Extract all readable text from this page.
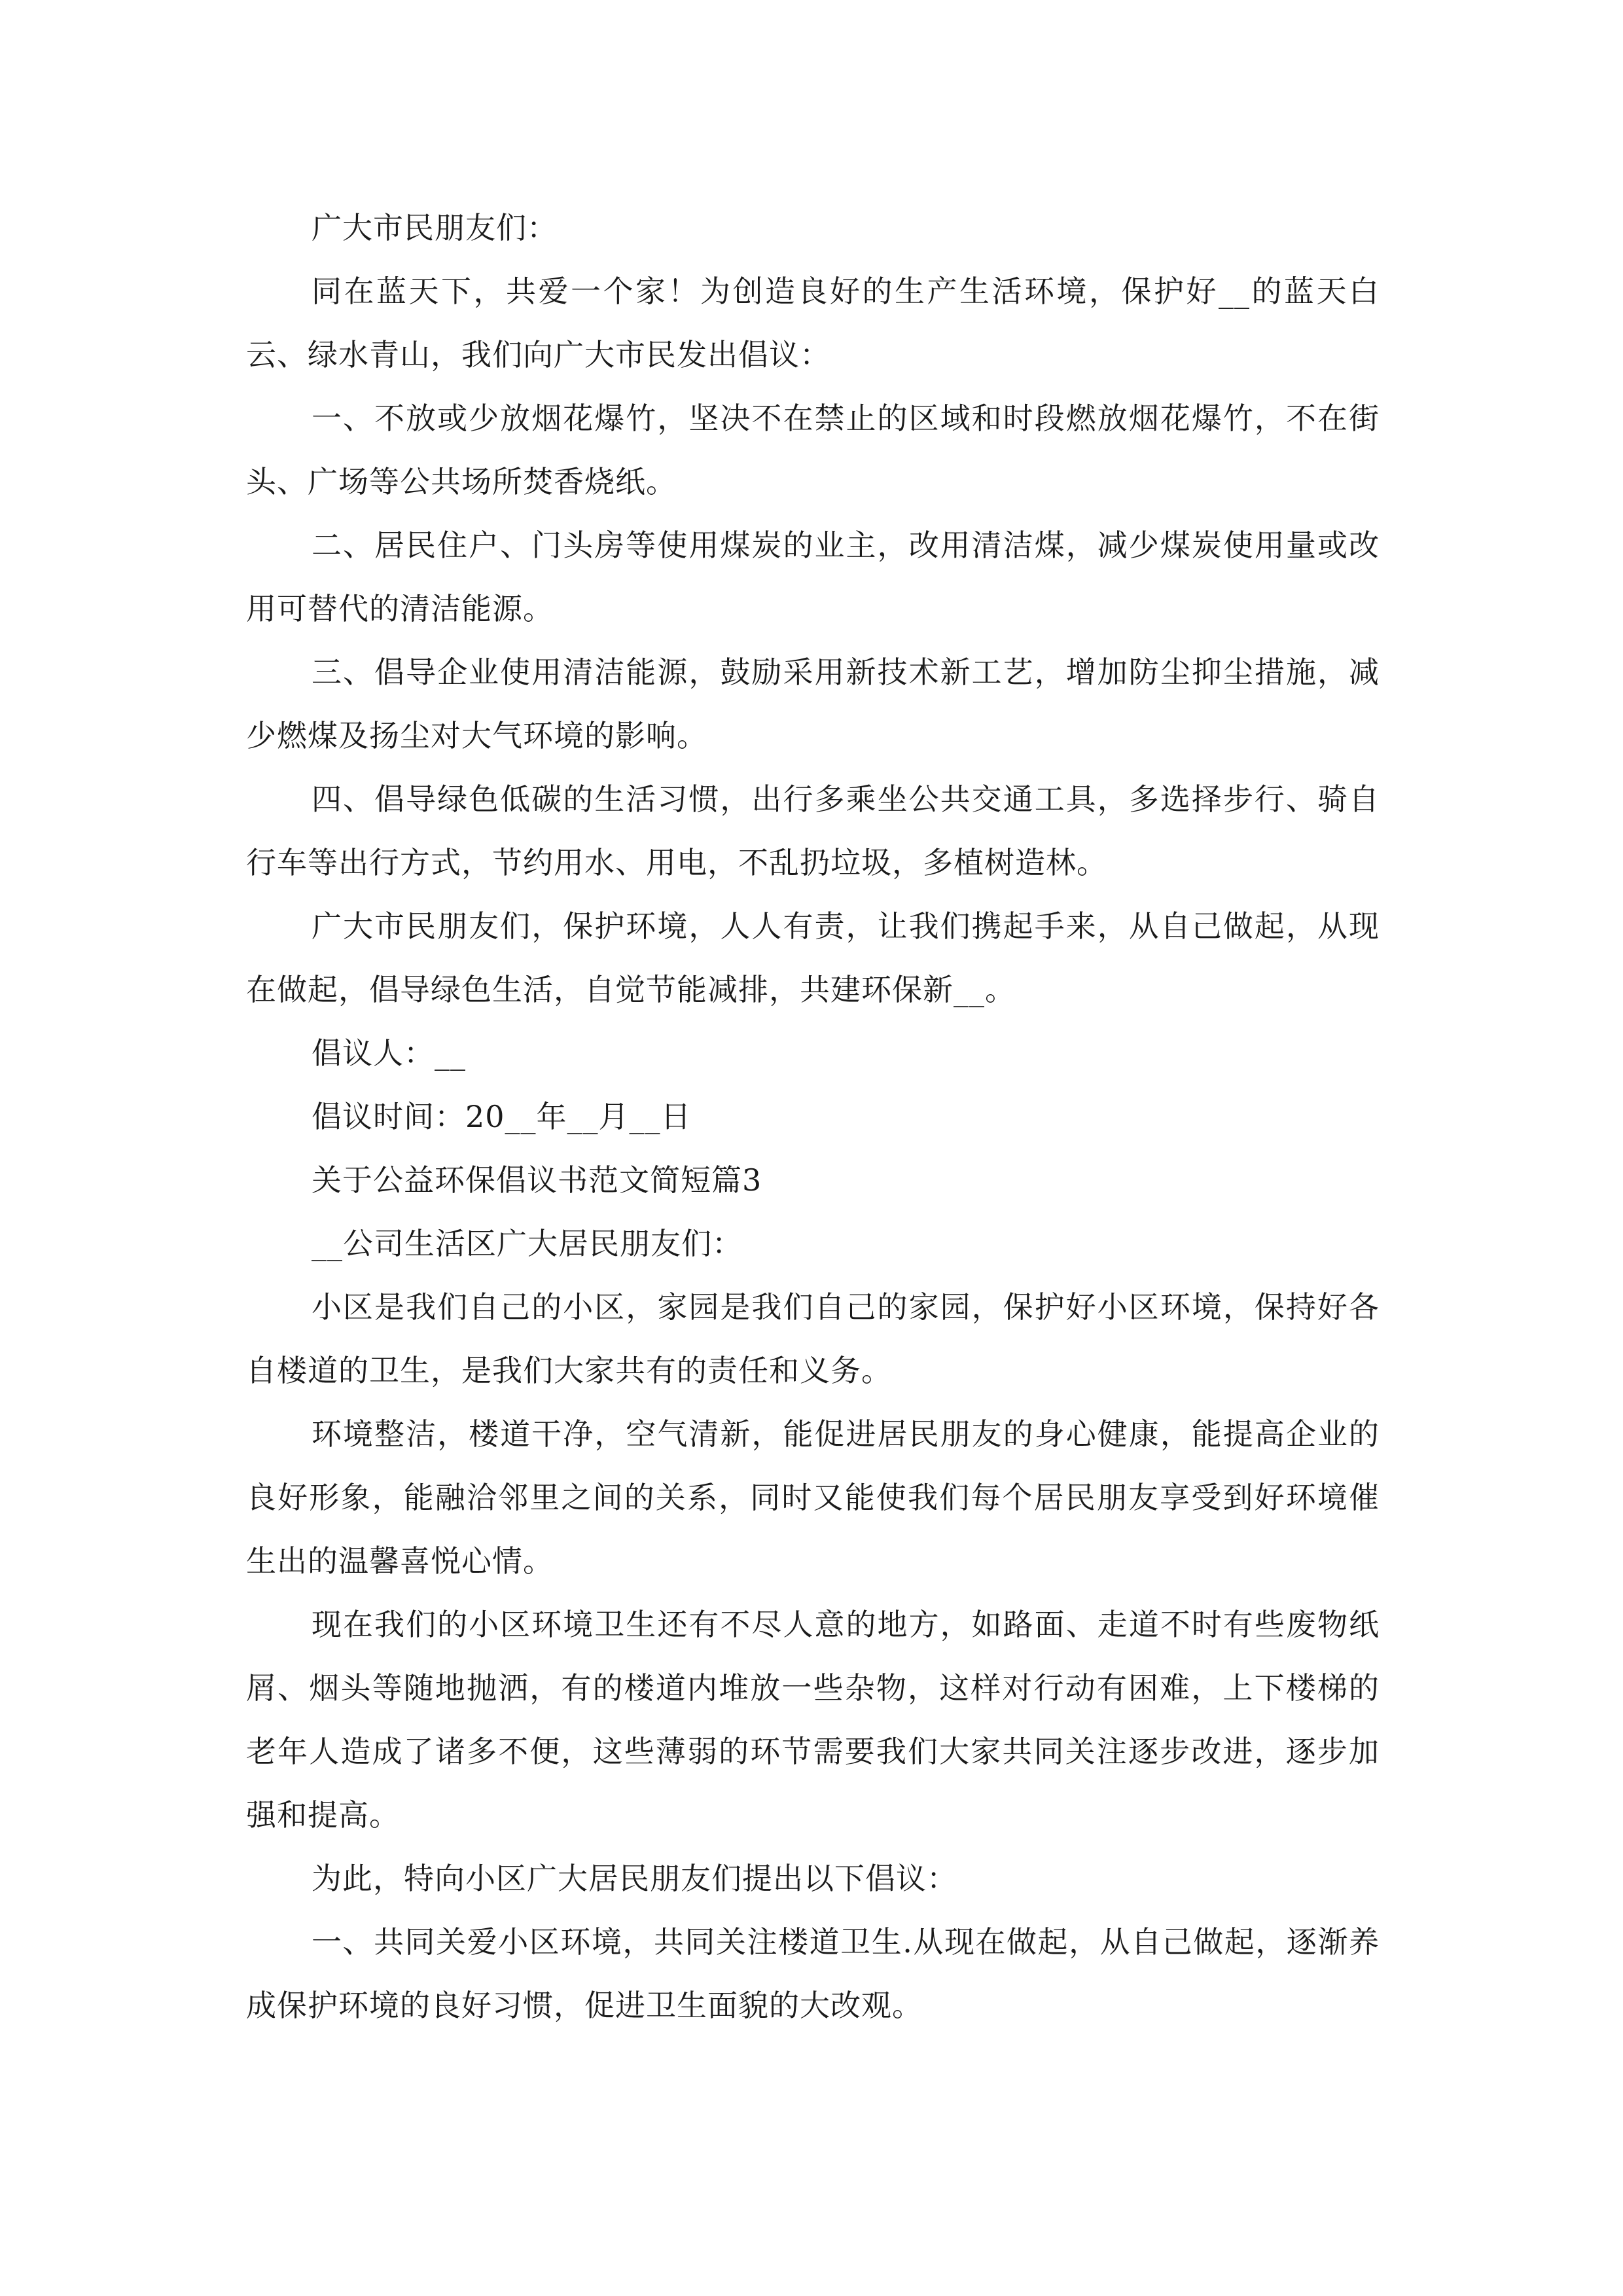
广大市民朋友们：

同在蓝天下，共爱一个家！为创造良好的生产生活环境，保护好__的蓝天白云、绿水青山，我们向广大市民发出倡议：

一、不放或少放烟花爆竹，坚决不在禁止的区域和时段燃放烟花爆竹，不在街头、广场等公共场所焚香烧纸。

二、居民住户、门头房等使用煤炭的业主，改用清洁煤，减少煤炭使用量或改用可替代的清洁能源。

三、倡导企业使用清洁能源，鼓励采用新技术新工艺，增加防尘抑尘措施，减少燃煤及扬尘对大气环境的影响。

四、倡导绿色低碳的生活习惯，出行多乘坐公共交通工具，多选择步行、骑自行车等出行方式，节约用水、用电，不乱扔垃圾，多植树造林。

广大市民朋友们，保护环境，人人有责，让我们携起手来，从自己做起，从现在做起，倡导绿色生活，自觉节能减排，共建环保新__。

倡议人：__

倡议时间：20__年__月__日

关于公益环保倡议书范文简短篇3

__公司生活区广大居民朋友们：

小区是我们自己的小区，家园是我们自己的家园，保护好小区环境，保持好各自楼道的卫生，是我们大家共有的责任和义务。

环境整洁，楼道干净，空气清新，能促进居民朋友的身心健康，能提高企业的良好形象，能融洽邻里之间的关系，同时又能使我们每个居民朋友享受到好环境催生出的温馨喜悦心情。

现在我们的小区环境卫生还有不尽人意的地方，如路面、走道不时有些废物纸屑、烟头等随地抛洒，有的楼道内堆放一些杂物，这样对行动有困难，上下楼梯的老年人造成了诸多不便，这些薄弱的环节需要我们大家共同关注逐步改进，逐步加强和提高。

为此，特向小区广大居民朋友们提出以下倡议：

一、共同关爱小区环境，共同关注楼道卫生.从现在做起，从自己做起，逐渐养成保护环境的良好习惯，促进卫生面貌的大改观。
